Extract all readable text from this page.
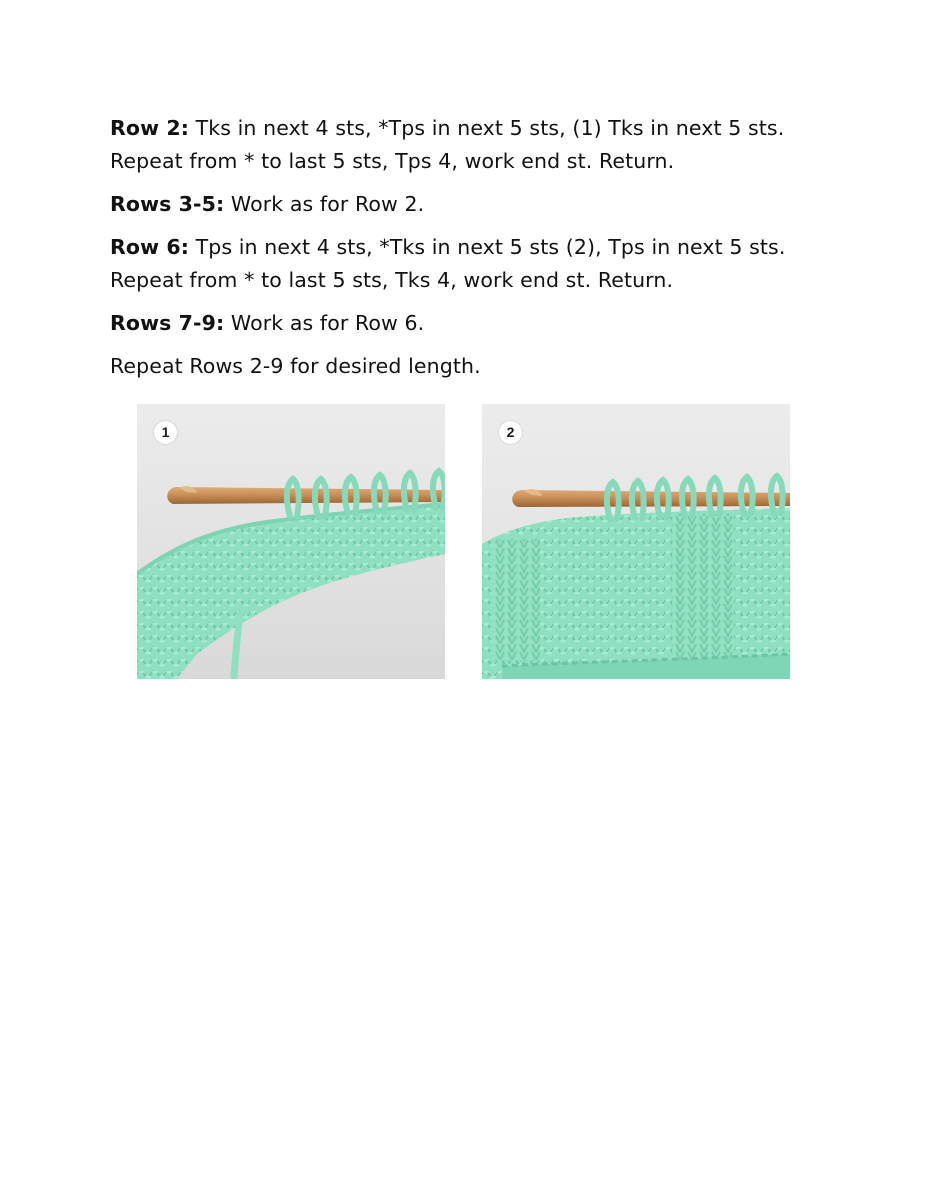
Row 2: Tks in next 4 sts, *Tps in next 5 sts, (1) Tks in next 5 sts. Repeat from * to last 5 sts, Tps 4, work end st. Return.

Rows 3-5: Work as for Row 2.

Row 6: Tps in next 4 sts, *Tks in next 5 sts (2), Tps in next 5 sts. Repeat from * to last 5 sts, Tks 4, work end st. Return.

Rows 7-9: Work as for Row 6.

Repeat Rows 2-9 for desired length.

1	2
